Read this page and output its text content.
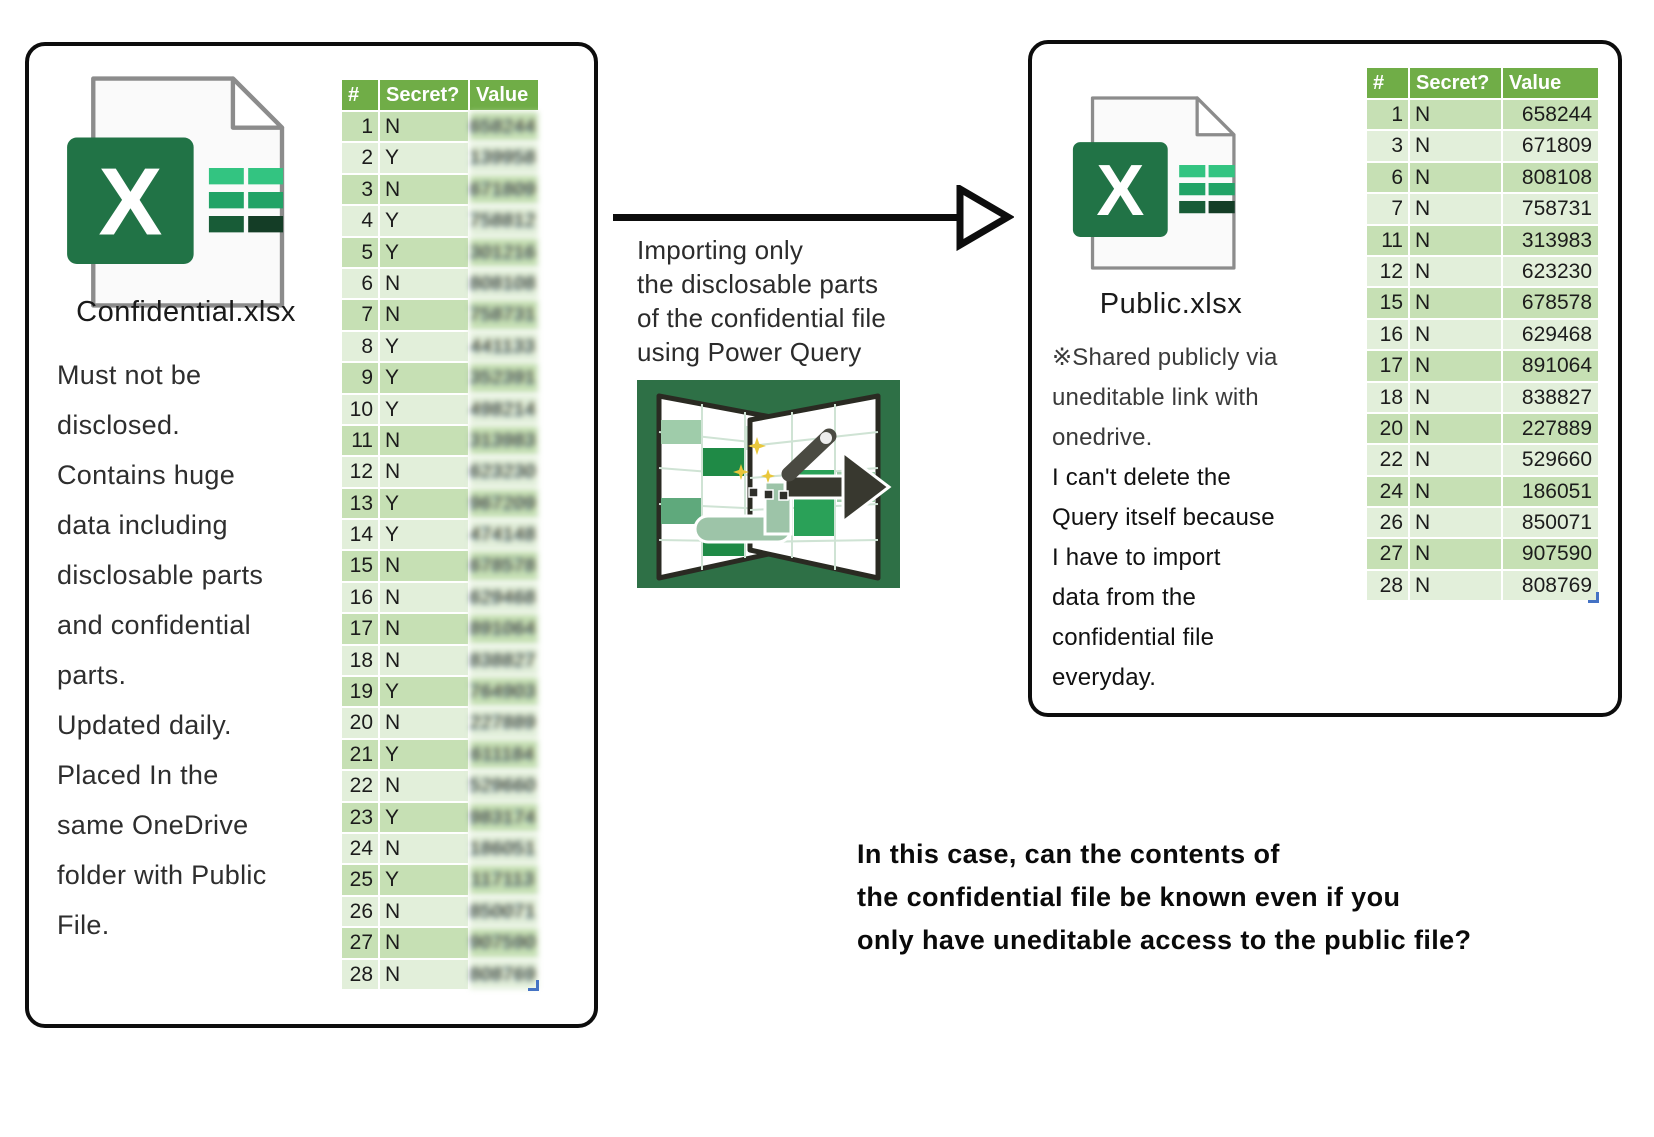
Confidential.xlsx
Must not be
disclosed.
Contains huge
data including
disclosable parts
and confidential
parts.
Updated daily.
Placed In the
same OneDrive
folder with Public
File.
#	Secret? Value
1 N	658244
2 Y	139958
3 N	671809
4 Y	758812
5 Y	301216
6 N	808108
7 N	758731
8 Y	441133
9 Y	352391
10 Y	498214
11 N	313983
12 N	623230
13 Y	967209
14 Y	474148
15 N	678578
16 N	629468
17 N	891064
18 N	838827
19 Y	764903
20 N	227889
21 Y	611184
22 N	529660
23 Y	983174
24 N	186051
25 Y	117113
26 N	850071
27 N	907590
28 N	808769
Importing only
the disclosable parts
of the confidential file
using Power Query
Public.xlsx
※Shared publicly via
uneditable link with
onedrive.
I can't delete the
Query itself because
I have to import
data from the
confidential file
everyday.
#	Secret? Value
1 N	658244
3 N	671809
6 N	808108
7 N	758731
11 N	313983
12 N	623230
15 N	678578
16 N	629468
17 N	891064
18 N	838827
20 N	227889
22 N	529660
24 N	186051
26 N	850071
27 N	907590
28 N	808769
In this case, can the contents of
the confidential file be known even if you
only have uneditable access to the public file?
